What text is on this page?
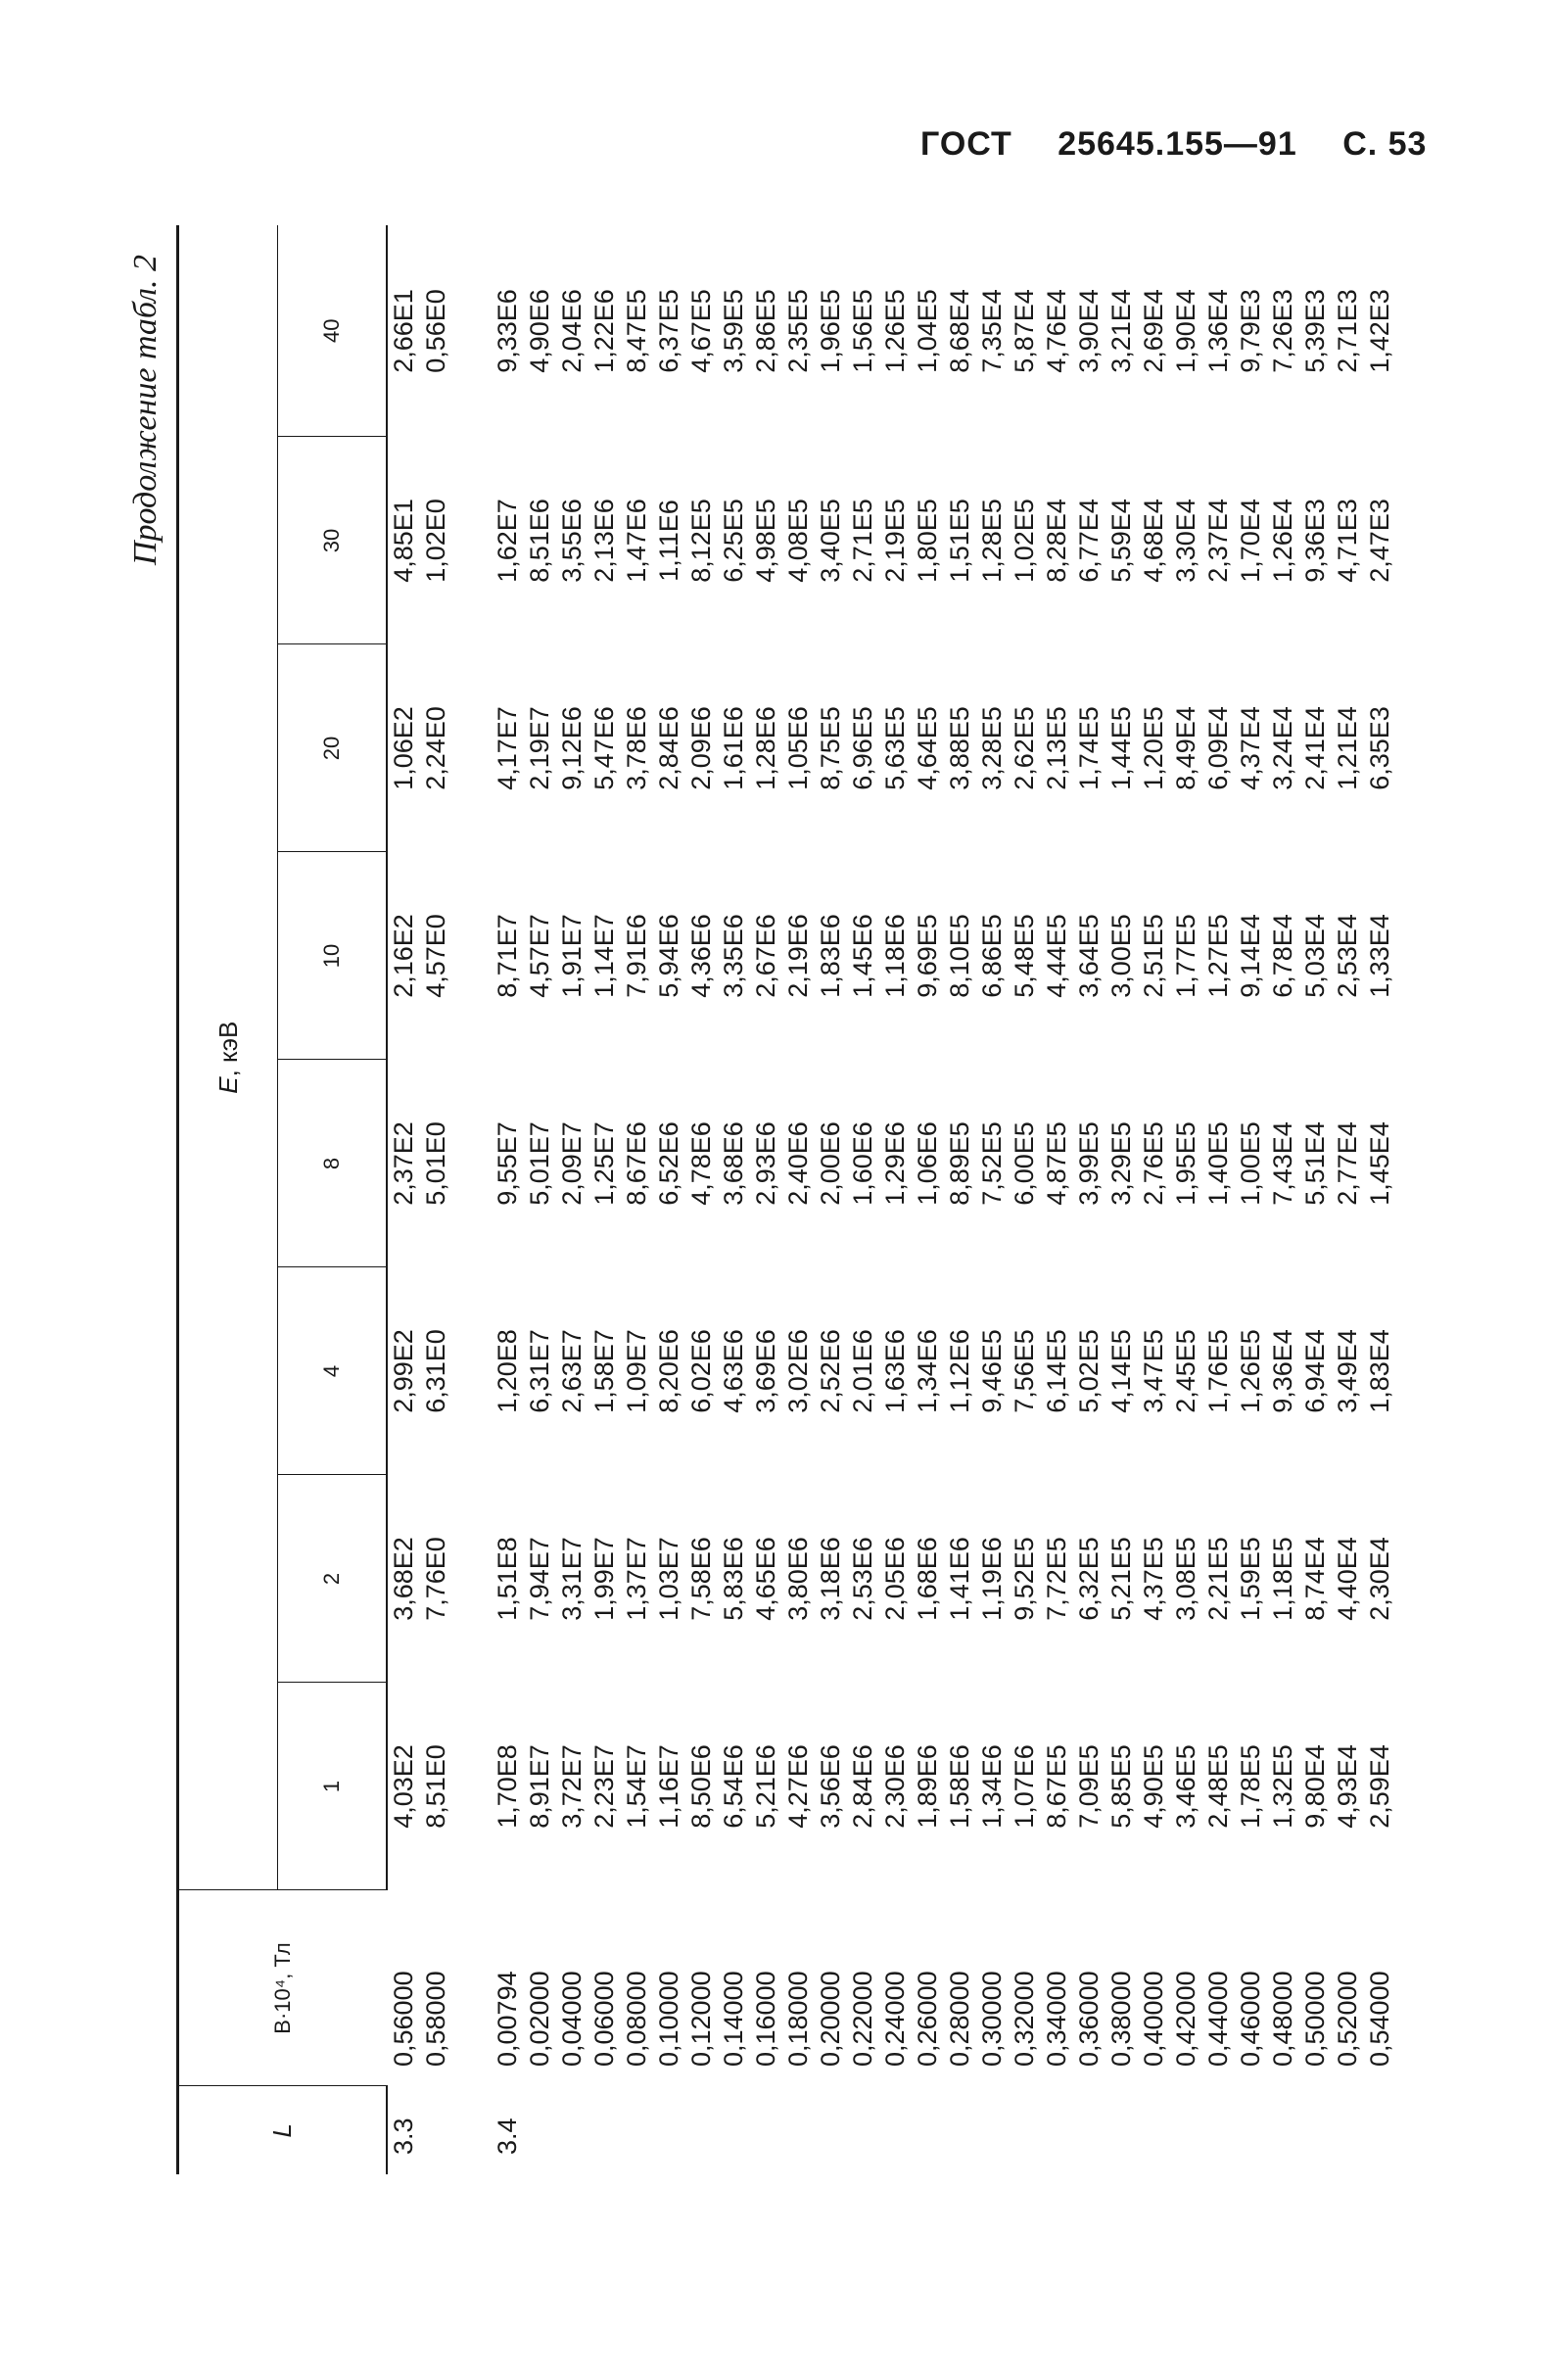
ГОСТ 25645.155—91 С. 53
Продолжение табл. 2
L	B·10⁴, Тл	E, кэВ							
		1	2	4	8	10	20	30	40
3.3	0,56000	4,03E2	3,68E2	2,99E2	2,37E2	2,16E2	1,06E2	4,85E1	2,66E1
	0,58000	8,51E0	7,76E0	6,31E0	5,01E0	4,57E0	2,24E0	1,02E0	0,56E0

3.4	0,00794	1,70E8	1,51E8	1,20E8	9,55E7	8,71E7	4,17E7	1,62E7	9,33E6
	0,02000	8,91E7	7,94E7	6,31E7	5,01E7	4,57E7	2,19E7	8,51E6	4,90E6
	0,04000	3,72E7	3,31E7	2,63E7	2,09E7	1,91E7	9,12E6	3,55E6	2,04E6
	0,06000	2,23E7	1,99E7	1,58E7	1,25E7	1,14E7	5,47E6	2,13E6	1,22E6
	0,08000	1,54E7	1,37E7	1,09E7	8,67E6	7,91E6	3,78E6	1,47E6	8,47E5
	0,10000	1,16E7	1,03E7	8,20E6	6,52E6	5,94E6	2,84E6	1,11E6	6,37E5
	0,12000	8,50E6	7,58E6	6,02E6	4,78E6	4,36E6	2,09E6	8,12E5	4,67E5
	0,14000	6,54E6	5,83E6	4,63E6	3,68E6	3,35E6	1,61E6	6,25E5	3,59E5
	0,16000	5,21E6	4,65E6	3,69E6	2,93E6	2,67E6	1,28E6	4,98E5	2,86E5
	0,18000	4,27E6	3,80E6	3,02E6	2,40E6	2,19E6	1,05E6	4,08E5	2,35E5
	0,20000	3,56E6	3,18E6	2,52E6	2,00E6	1,83E6	8,75E5	3,40E5	1,96E5
	0,22000	2,84E6	2,53E6	2,01E6	1,60E6	1,45E6	6,96E5	2,71E5	1,56E5
	0,24000	2,30E6	2,05E6	1,63E6	1,29E6	1,18E6	5,63E5	2,19E5	1,26E5
	0,26000	1,89E6	1,68E6	1,34E6	1,06E6	9,69E5	4,64E5	1,80E5	1,04E5
	0,28000	1,58E6	1,41E6	1,12E6	8,89E5	8,10E5	3,88E5	1,51E5	8,68E4
	0,30000	1,34E6	1,19E6	9,46E5	7,52E5	6,86E5	3,28E5	1,28E5	7,35E4
	0,32000	1,07E6	9,52E5	7,56E5	6,00E5	5,48E5	2,62E5	1,02E5	5,87E4
	0,34000	8,67E5	7,72E5	6,14E5	4,87E5	4,44E5	2,13E5	8,28E4	4,76E4
	0,36000	7,09E5	6,32E5	5,02E5	3,99E5	3,64E5	1,74E5	6,77E4	3,90E4
	0,38000	5,85E5	5,21E5	4,14E5	3,29E5	3,00E5	1,44E5	5,59E4	3,21E4
	0,40000	4,90E5	4,37E5	3,47E5	2,76E5	2,51E5	1,20E5	4,68E4	2,69E4
	0,42000	3,46E5	3,08E5	2,45E5	1,95E5	1,77E5	8,49E4	3,30E4	1,90E4
	0,44000	2,48E5	2,21E5	1,76E5	1,40E5	1,27E5	6,09E4	2,37E4	1,36E4
	0,46000	1,78E5	1,59E5	1,26E5	1,00E5	9,14E4	4,37E4	1,70E4	9,79E3
	0,48000	1,32E5	1,18E5	9,36E4	7,43E4	6,78E4	3,24E4	1,26E4	7,26E3
	0,50000	9,80E4	8,74E4	6,94E4	5,51E4	5,03E4	2,41E4	9,36E3	5,39E3
	0,52000	4,93E4	4,40E4	3,49E4	2,77E4	2,53E4	1,21E4	4,71E3	2,71E3
	0,54000	2,59E4	2,30E4	1,83E4	1,45E4	1,33E4	6,35E3	2,47E3	1,42E3
